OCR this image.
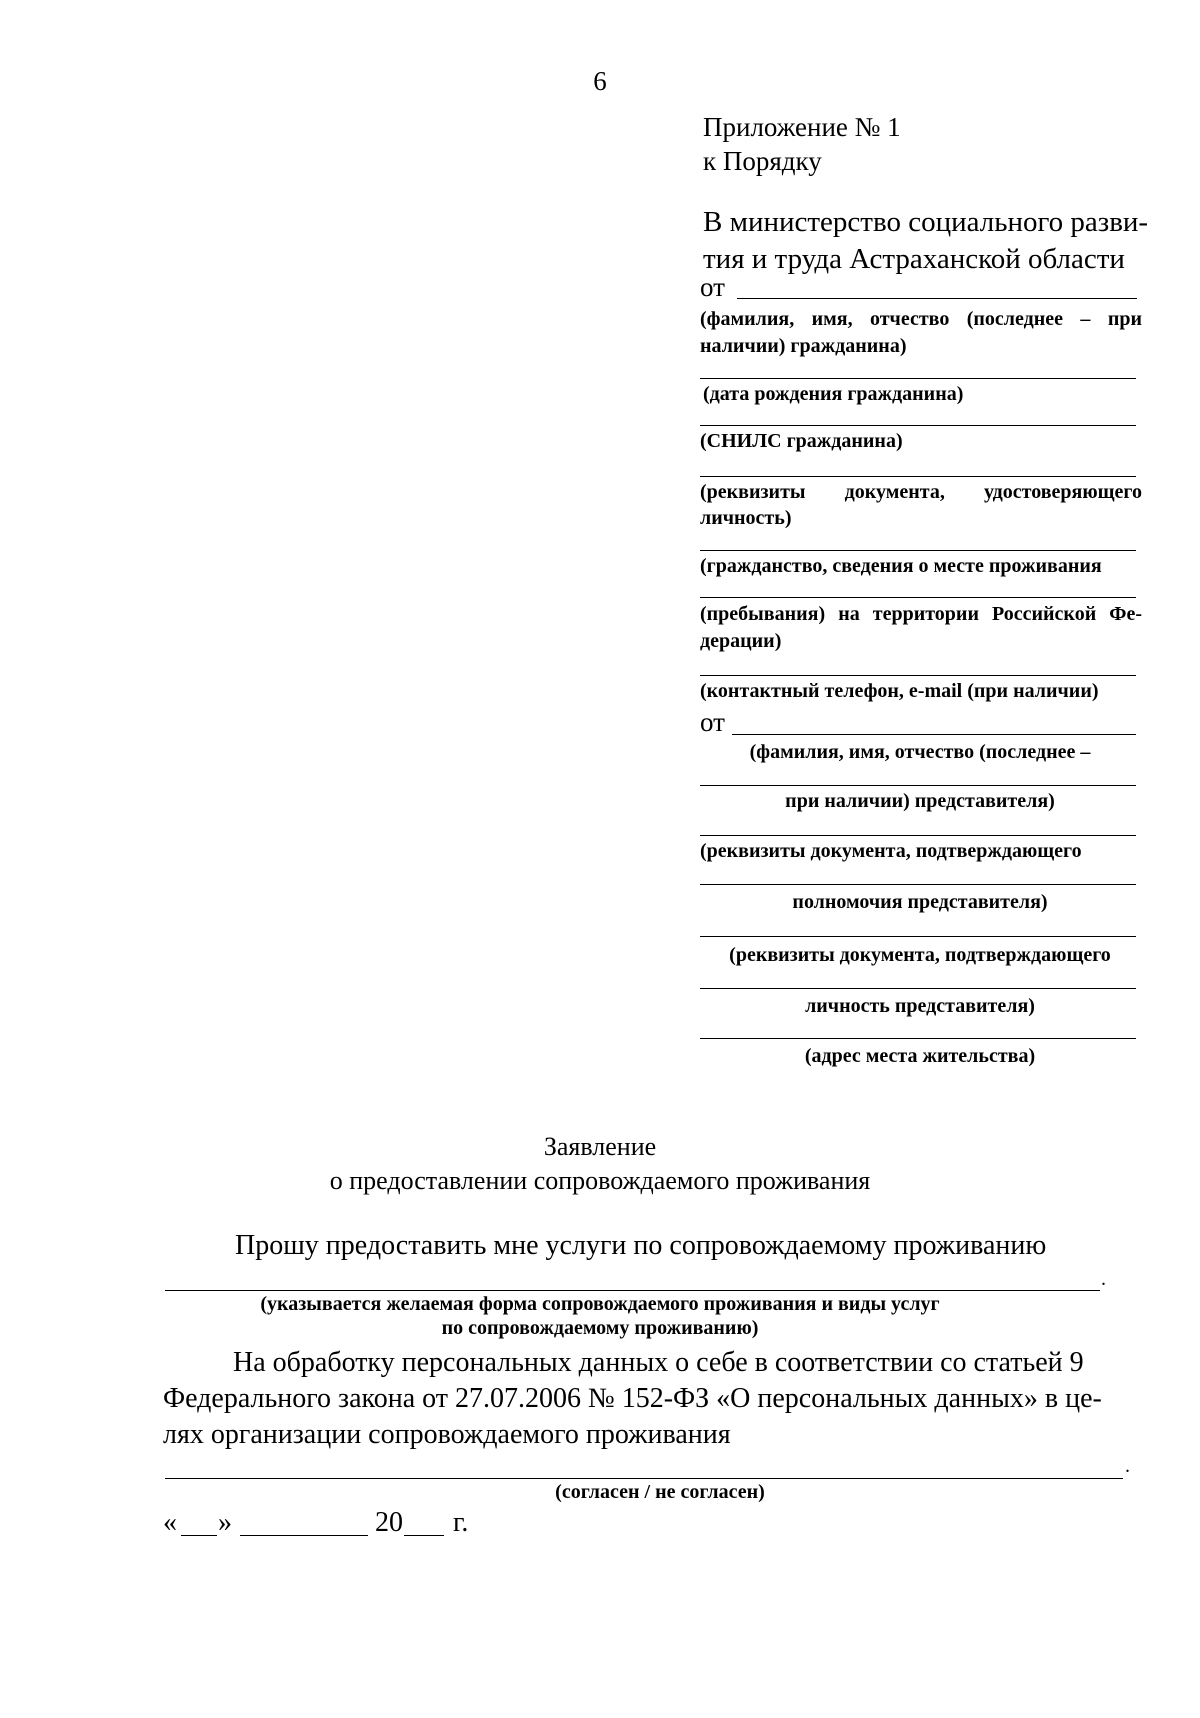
6
Приложение № 1
к Порядку
В министерство социального разви-
тия и труда Астраханской области
от
(фамилия, имя, отчество (последнее – при
наличии) гражданина)
(дата рождения гражданина)
(СНИЛС гражданина)
(реквизиты документа, удостоверяющего
личность)
(гражданство, сведения о месте проживания
(пребывания) на территории Российской Фе-
дерации)
(контактный телефон, e-mail (при наличии)
от
(фамилия, имя, отчество (последнее –
при наличии) представителя)
(реквизиты документа, подтверждающего
полномочия представителя)
(реквизиты документа, подтверждающего
личность представителя)
(адрес места жительства)
Заявление
о предоставлении сопровождаемого проживания
Прошу предоставить мне услуги по сопровождаемому проживанию
.
(указывается желаемая форма сопровождаемого проживания и виды услуг
по сопровождаемому проживанию)
На обработку персональных данных о себе в соответствии со статьей 9
Федерального закона от 27.07.2006 № 152-ФЗ «О персональных данных» в це-
лях организации сопровождаемого проживания
.
(согласен / не согласен)
« »	20 г.
